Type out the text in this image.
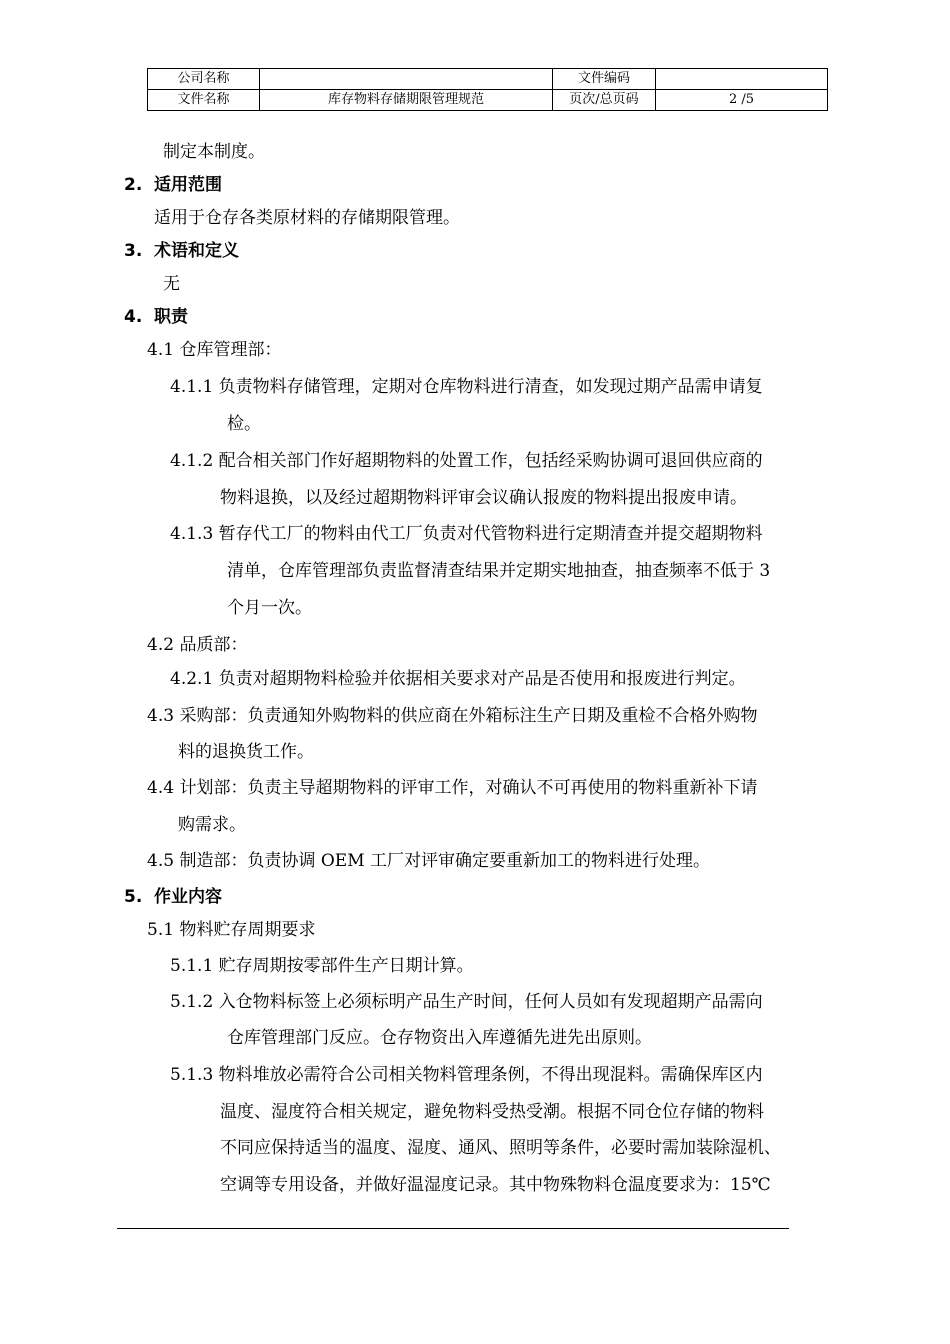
公司名称		文件编码	
文件名称	库存物料存储期限管理规范	页次/总页码	2 /5
制定本制度。
2. 适用范围
适用于仓存各类原材料的存储期限管理。
3. 术语和定义
无
4. 职责
4.1 仓库管理部：
4.1.1 负责物料存储管理，定期对仓库物料进行清查，如发现过期产品需申请复
检。
4.1.2 配合相关部门作好超期物料的处置工作，包括经采购协调可退回供应商的
物料退换，以及经过超期物料评审会议确认报废的物料提出报废申请。
4.1.3 暂存代工厂的物料由代工厂负责对代管物料进行定期清查并提交超期物料
清单，仓库管理部负责监督清查结果并定期实地抽查，抽查频率不低于 3
个月一次。
4.2 品质部：
4.2.1 负责对超期物料检验并依据相关要求对产品是否使用和报废进行判定。
4.3 采购部：负责通知外购物料的供应商在外箱标注生产日期及重检不合格外购物
料的退换货工作。
4.4 计划部：负责主导超期物料的评审工作，对确认不可再使用的物料重新补下请
购需求。
4.5 制造部：负责协调 OEM 工厂对评审确定要重新加工的物料进行处理。
5. 作业内容
5.1 物料贮存周期要求
5.1.1 贮存周期按零部件生产日期计算。
5.1.2 入仓物料标签上必须标明产品生产时间，任何人员如有发现超期产品需向
仓库管理部门反应。仓存物资出入库遵循先进先出原则。
5.1.3 物料堆放必需符合公司相关物料管理条例，不得出现混料。需确保库区内
温度、湿度符合相关规定，避免物料受热受潮。根据不同仓位存储的物料
不同应保持适当的温度、湿度、通风、照明等条件，必要时需加装除湿机、
空调等专用设备，并做好温湿度记录。其中物殊物料仓温度要求为：15℃
